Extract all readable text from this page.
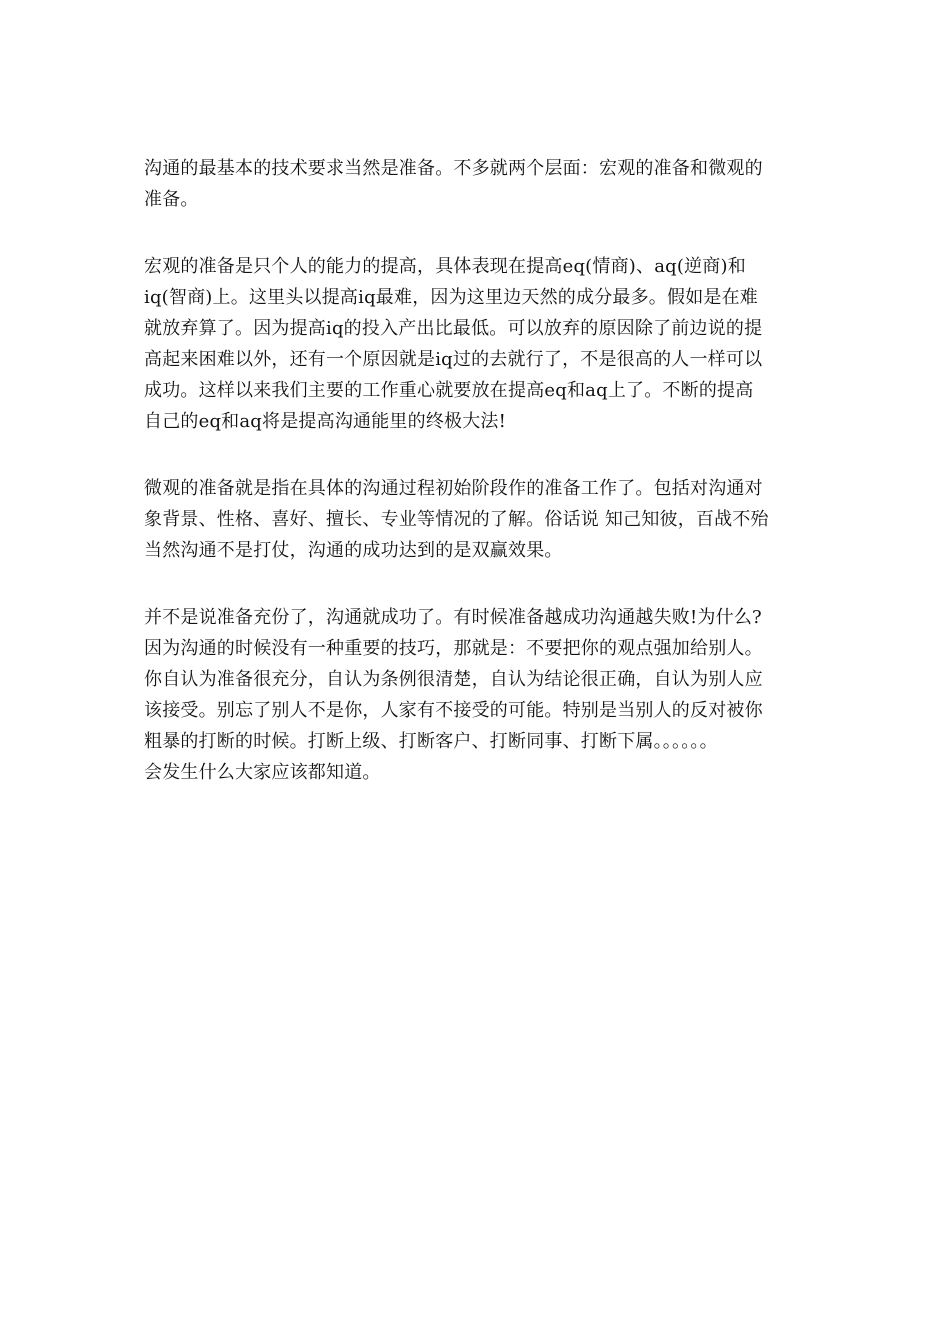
沟通的最基本的技术要求当然是准备。不多就两个层面：宏观的准备和微观的
准备。

宏观的准备是只个人的能力的提高，具体表现在提高eq(情商)、aq(逆商)和
iq(智商)上。这里头以提高iq最难，因为这里边天然的成分最多。假如是在难
就放弃算了。因为提高iq的投入产出比最低。可以放弃的原因除了前边说的提
高起来困难以外，还有一个原因就是iq过的去就行了，不是很高的人一样可以
成功。这样以来我们主要的工作重心就要放在提高eq和aq上了。不断的提高
自己的eq和aq将是提高沟通能里的终极大法!

微观的准备就是指在具体的沟通过程初始阶段作的准备工作了。包括对沟通对
象背景、性格、喜好、擅长、专业等情况的了解。俗话说 知己知彼，百战不殆
当然沟通不是打仗，沟通的成功达到的是双赢效果。

并不是说准备充份了，沟通就成功了。有时候准备越成功沟通越失败!为什么?
因为沟通的时候没有一种重要的技巧，那就是：不要把你的观点强加给别人。
你自认为准备很充分，自认为条例很清楚，自认为结论很正确，自认为别人应
该接受。别忘了别人不是你，人家有不接受的可能。特别是当别人的反对被你
粗暴的打断的时候。打断上级、打断客户、打断同事、打断下属。。。。。。
会发生什么大家应该都知道。
